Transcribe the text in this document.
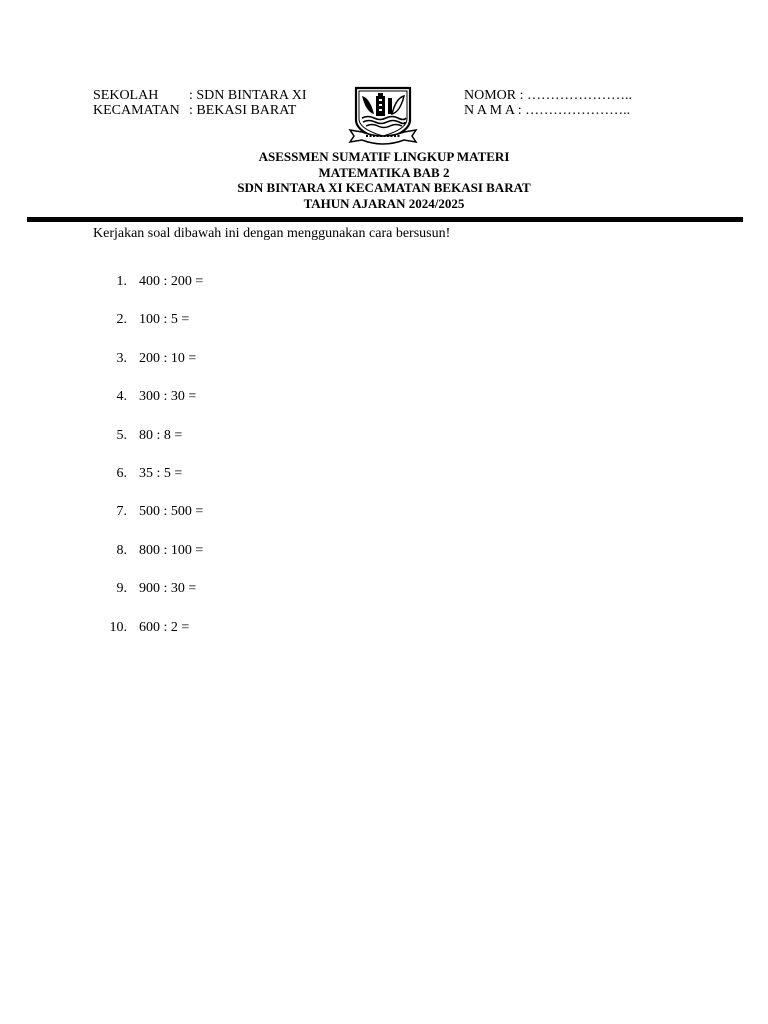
SEKOLAH : SDN BINTARA XI
KECAMATAN : BEKASI BARAT
NOMOR : …………………..
N A M A : …………………..
ASESSMEN SUMATIF LINGKUP MATERI
MATEMATIKA BAB 2
SDN BINTARA XI KECAMATAN BEKASI BARAT
TAHUN AJARAN 2024/2025
Kerjakan soal dibawah ini dengan menggunakan cara bersusun!
1. 400 : 200 =
2. 100 : 5 =
3. 200 : 10 =
4. 300 : 30 =
5. 80 : 8 =
6. 35 : 5 =
7. 500 : 500 =
8. 800 : 100 =
9. 900 : 30 =
10. 600 : 2 =
